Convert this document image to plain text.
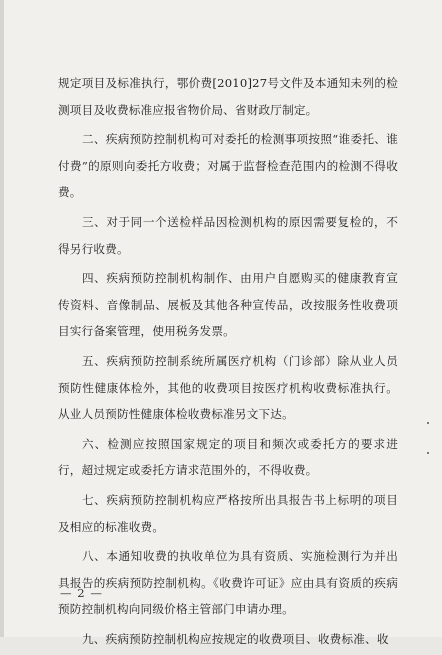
规定项目及标准执行，鄂价费[2010]27号文件及本通知未列的检测项目及收费标准应报省物价局、省财政厅制定。

二、疾病预防控制机构可对委托的检测事项按照“谁委托、谁付费”的原则向委托方收费；对属于监督检查范围内的检测不得收费。

三、对于同一个送检样品因检测机构的原因需要复检的，不得另行收费。

四、疾病预防控制机构制作、由用户自愿购买的健康教育宣传资料、音像制品、展板及其他各种宣传品，改按服务性收费项目实行备案管理，使用税务发票。

五、疾病预防控制系统所属医疗机构（门诊部）除从业人员预防性健康体检外，其他的收费项目按医疗机构收费标准执行。从业人员预防性健康体检收费标准另文下达。

六、检测应按照国家规定的项目和频次或委托方的要求进行，超过规定或委托方请求范围外的，不得收费。

七、疾病预防控制机构应严格按所出具报告书上标明的项目及相应的标准收费。

八、本通知收费的执收单位为具有资质、实施检测行为并出具报告的疾病预防控制机构。《收费许可证》应由具有资质的疾病预防控制机构向同级价格主管部门申请办理。

九、疾病预防控制机构应按规定的收费项目、收费标准、收

— 2 —
